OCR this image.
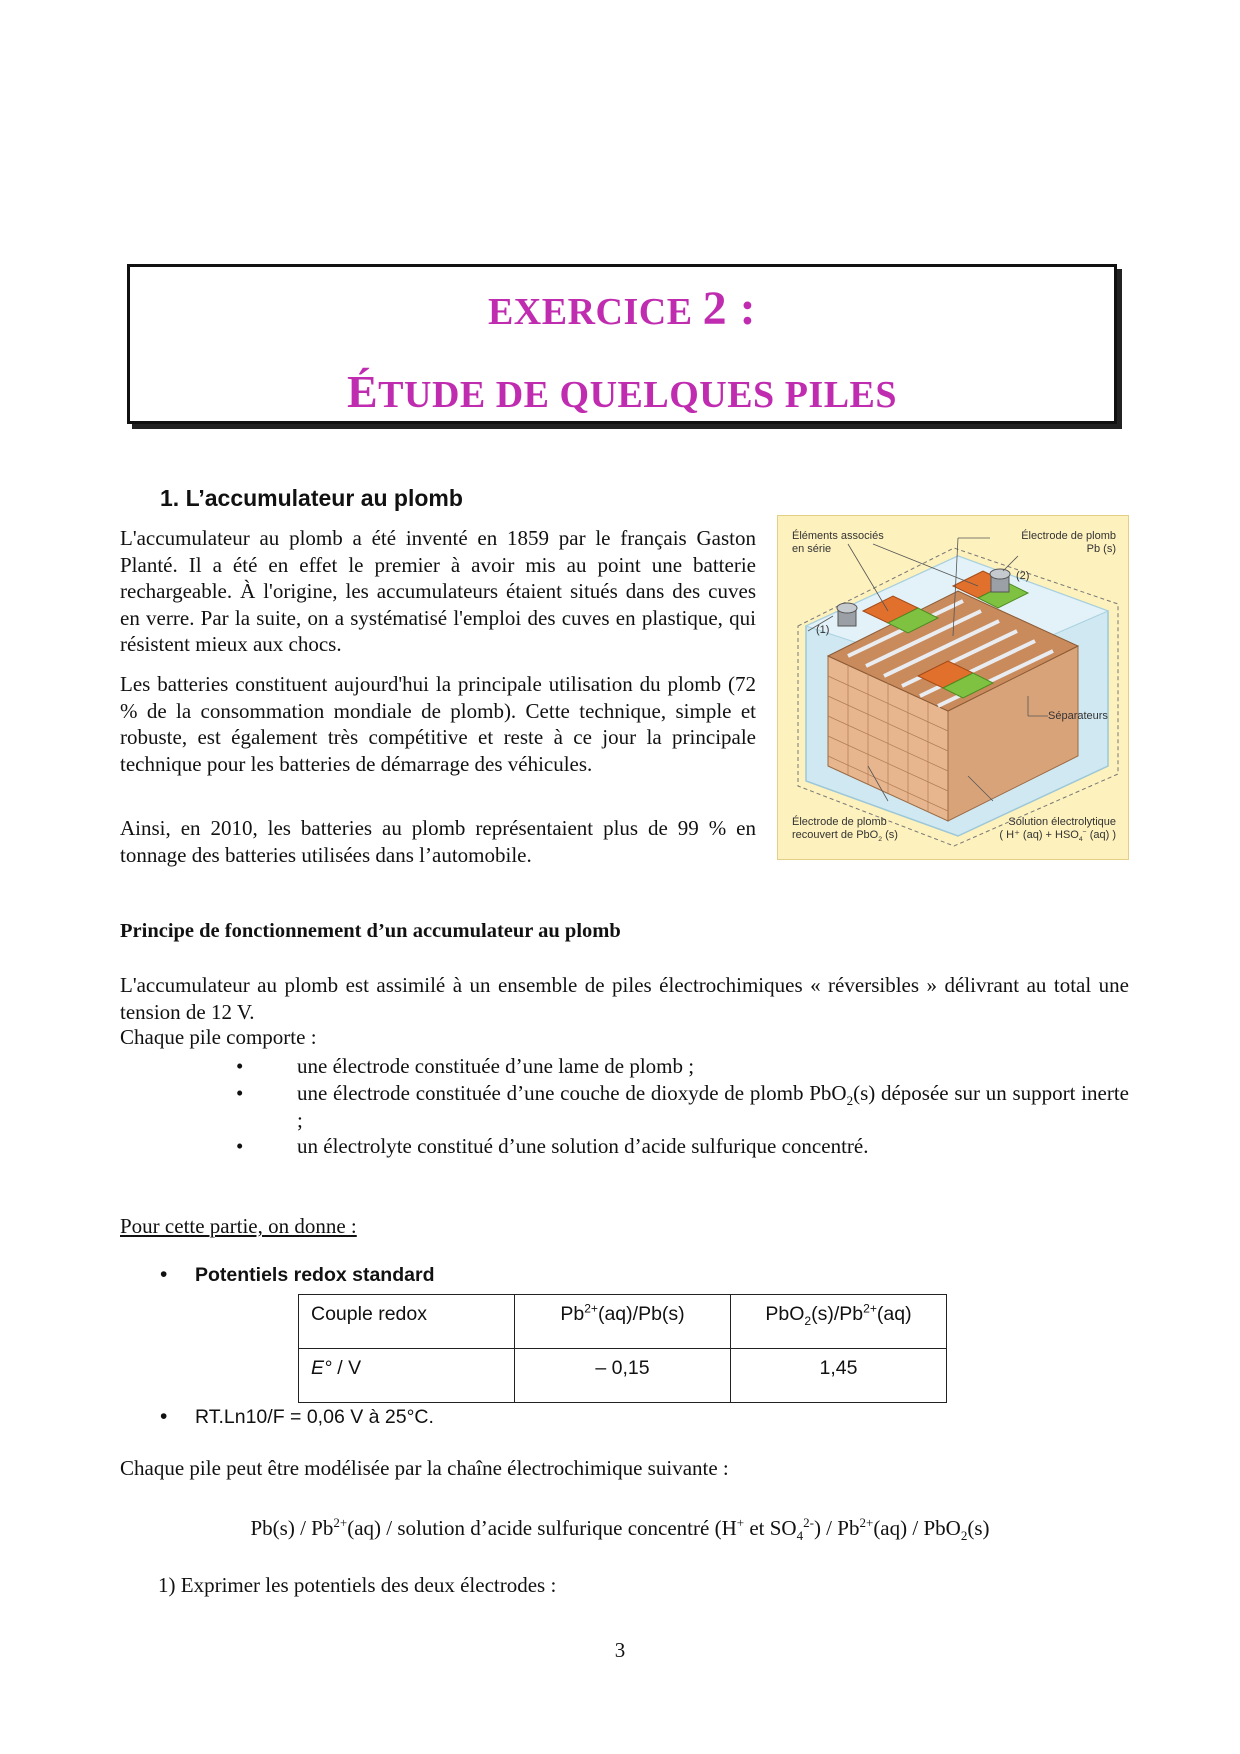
EXERCICE 2 :
ÉTUDE DE QUELQUES PILES
1. L’accumulateur au plomb
L'accumulateur au plomb a été inventé en 1859 par le français Gaston Planté. Il a été en effet le premier à avoir mis au point une batterie rechargeable. À l'origine, les accumulateurs étaient situés dans des cuves en verre. Par la suite, on a systématisé l'emploi des cuves en plastique, qui résistent mieux aux chocs.
Les batteries constituent aujourd'hui la principale utilisation du plomb (72 % de la consommation mondiale de plomb). Cette technique, simple et robuste, est également très compétitive et reste à ce jour la principale technique pour les batteries de démarrage des véhicules.
Ainsi, en 2010, les batteries au plomb représentaient plus de 99 % en tonnage des batteries utilisées dans l’automobile.
Éléments associés
en série
Électrode de plomb
Pb (s)
Séparateurs
Électrode de plomb
recouvert de PbO$_2$ (s)
Solution électrolytique
( H⁺ $(aq) + HSO_4^-$ (aq) )
(1)
(2)
Principe de fonctionnement d’un accumulateur au plomb
L'accumulateur au plomb est assimilé à un ensemble de piles électrochimiques « réversibles » délivrant au total une tension de 12 V.
Chaque pile comporte :
•	une électrode constituée d’une lame de plomb ;
•	une électrode constituée d’une couche de dioxyde de plomb PbO$_2$(s) déposée sur un support inerte ;
•	un électrolyte constitué d’une solution d’acide sulfurique concentré.
Pour cette partie, on donne :
• Potentiels redox standard
Couple redox	$Pb^{2+}(aq)/Pb(s)$	$PbO_2(s)/Pb^{2+}(aq)$
E° / V	– 0,15	1,45
• RT.Ln10/F = 0,06 V à 25°C.
Chaque pile peut être modélisée par la chaîne électrochimique suivante :
$Pb(s) / Pb^{2+}(aq)$ / solution d’acide sulfurique concentré (H+ et $SO_4^{2-}) / Pb^{2+}(aq) / PbO_2(s)$
1) Exprimer les potentiels des deux électrodes :
3
